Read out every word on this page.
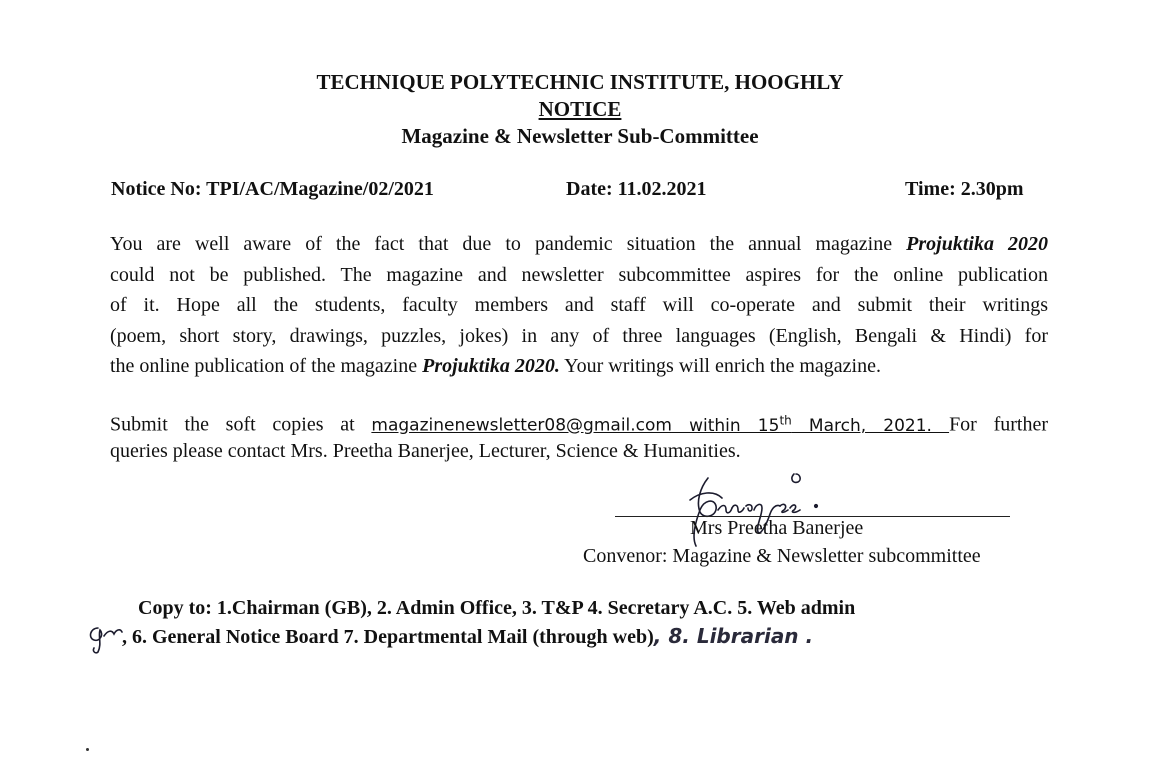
TECHNIQUE POLYTECHNIC INSTITUTE, HOOGHLY
NOTICE
Magazine & Newsletter Sub-Committee
Notice No: TPI/AC/Magazine/02/2021	Date: 11.02.2021	Time: 2.30pm
You are well aware of the fact that due to pandemic situation the annual magazine Projuktika 2020
could not be published. The magazine and newsletter subcommittee aspires for the online publication
of it. Hope all the students, faculty members and staff will co-operate and submit their writings
(poem, short story, drawings, puzzles, jokes) in any of three languages (English, Bengali & Hindi) for
the online publication of the magazine Projuktika 2020. Your writings will enrich the magazine.
Submit the soft copies at magazinenewsletter08@gmail.com within 15th March, 2021. For further
queries please contact Mrs. Preetha Banerjee, Lecturer, Science & Humanities.
Mrs Preetha Banerjee
Convenor: Magazine & Newsletter subcommittee
Copy to: 1.Chairman (GB), 2. Admin Office, 3. T&P 4. Secretary A.C. 5. Web admin
, 6. General Notice Board 7. Departmental Mail (through web), 8. Librarian .
